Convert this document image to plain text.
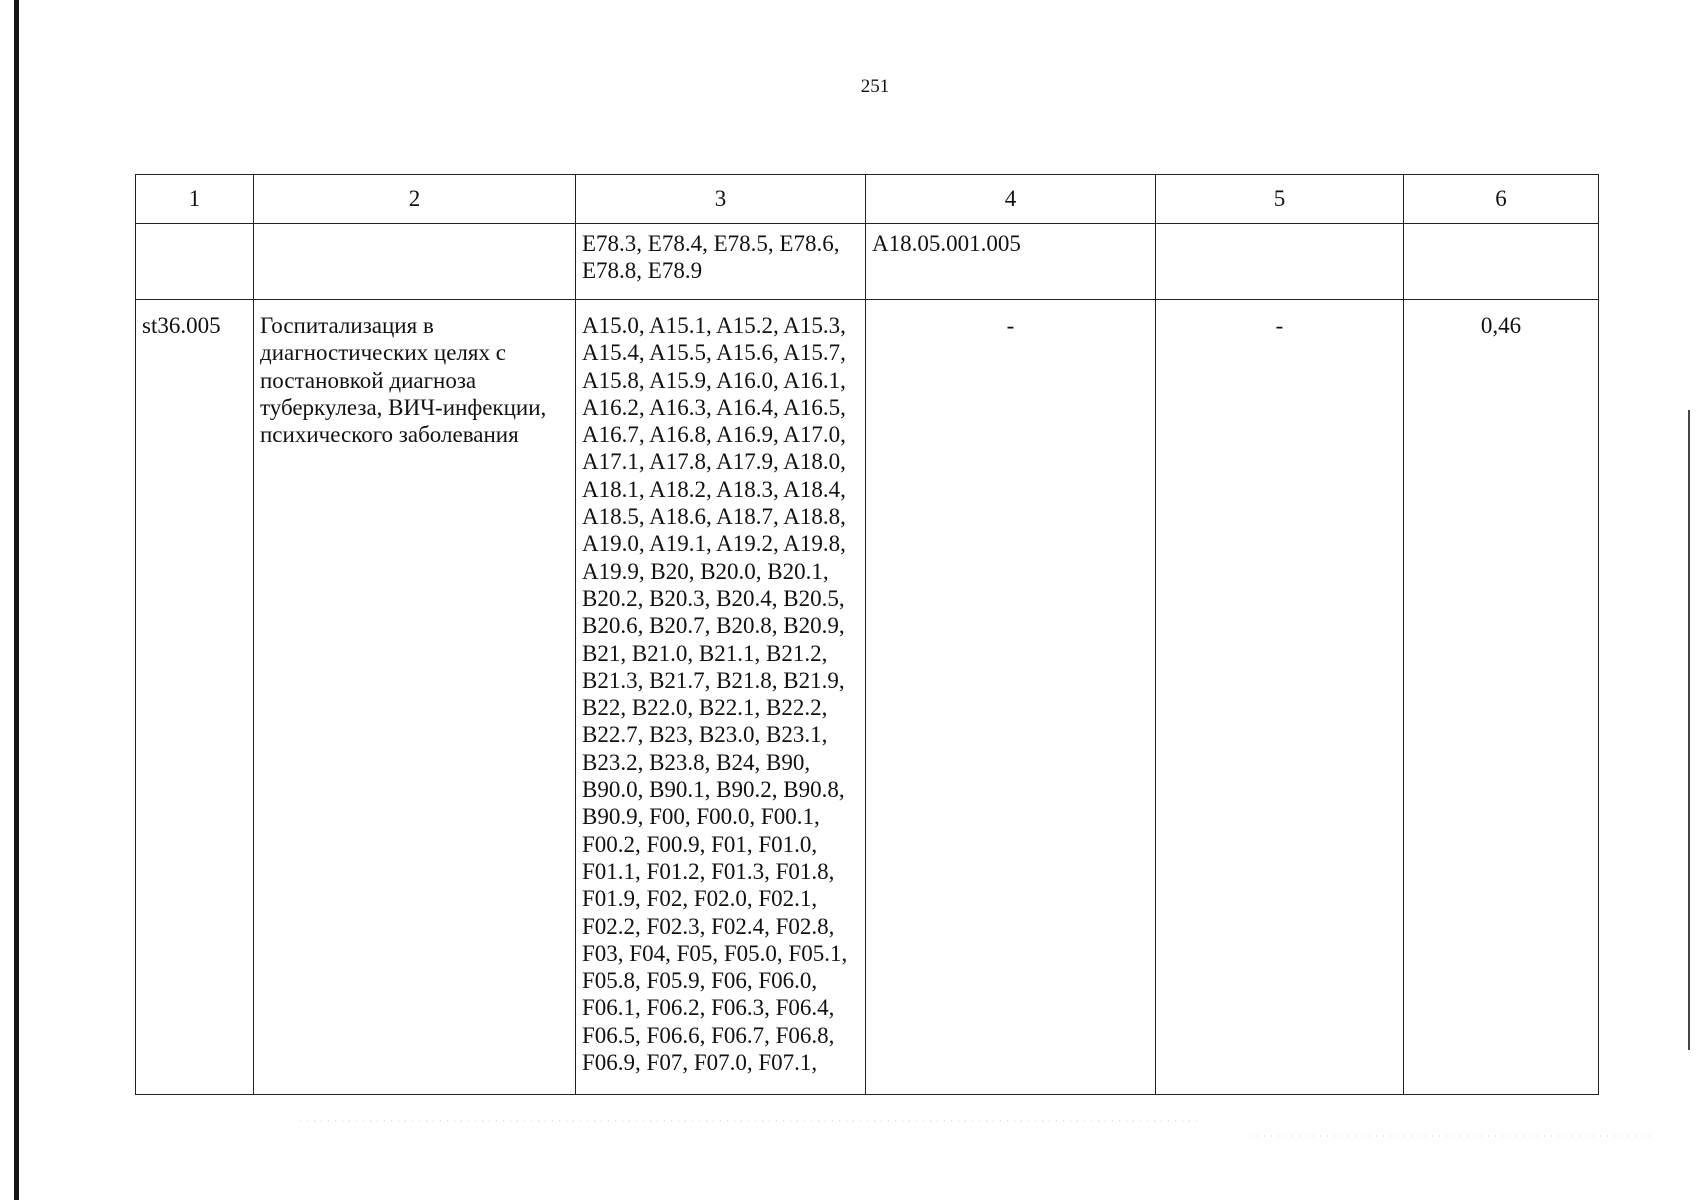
251
1	2	3	4	5	6

		E78.3, E78.4, E78.5, E78.6, E78.8, E78.9	A18.05.001.005		

st36.005	Госпитализация в диагностических целях с постановкой диагноза туберкулеза, ВИЧ-инфекции, психического заболевания	A15.0, A15.1, A15.2, A15.3, A15.4, A15.5, A15.6, A15.7, A15.8, A15.9, A16.0, A16.1, A16.2, A16.3, A16.4, A16.5, A16.7, A16.8, A16.9, A17.0, A17.1, A17.8, A17.9, A18.0, A18.1, A18.2, A18.3, A18.4, A18.5, A18.6, A18.7, A18.8, A19.0, A19.1, A19.2, A19.8, A19.9, B20, B20.0, B20.1, B20.2, B20.3, B20.4, B20.5, B20.6, B20.7, B20.8, B20.9, B21, B21.0, B21.1, B21.2, B21.3, B21.7, B21.8, B21.9, B22, B22.0, B22.1, B22.2, B22.7, B23, B23.0, B23.1, B23.2, B23.8, B24, B90, B90.0, B90.1, B90.2, B90.8, B90.9, F00, F00.0, F00.1, F00.2, F00.9, F01, F01.0, F01.1, F01.2, F01.3, F01.8, F01.9, F02, F02.0, F02.1, F02.2, F02.3, F02.4, F02.8, F03, F04, F05, F05.0, F05.1, F05.8, F05.9, F06, F06.0, F06.1, F06.2, F06.3, F06.4, F06.5, F06.6, F06.7, F06.8, F06.9, F07, F07.0, F07.1,	-	-	0,46
